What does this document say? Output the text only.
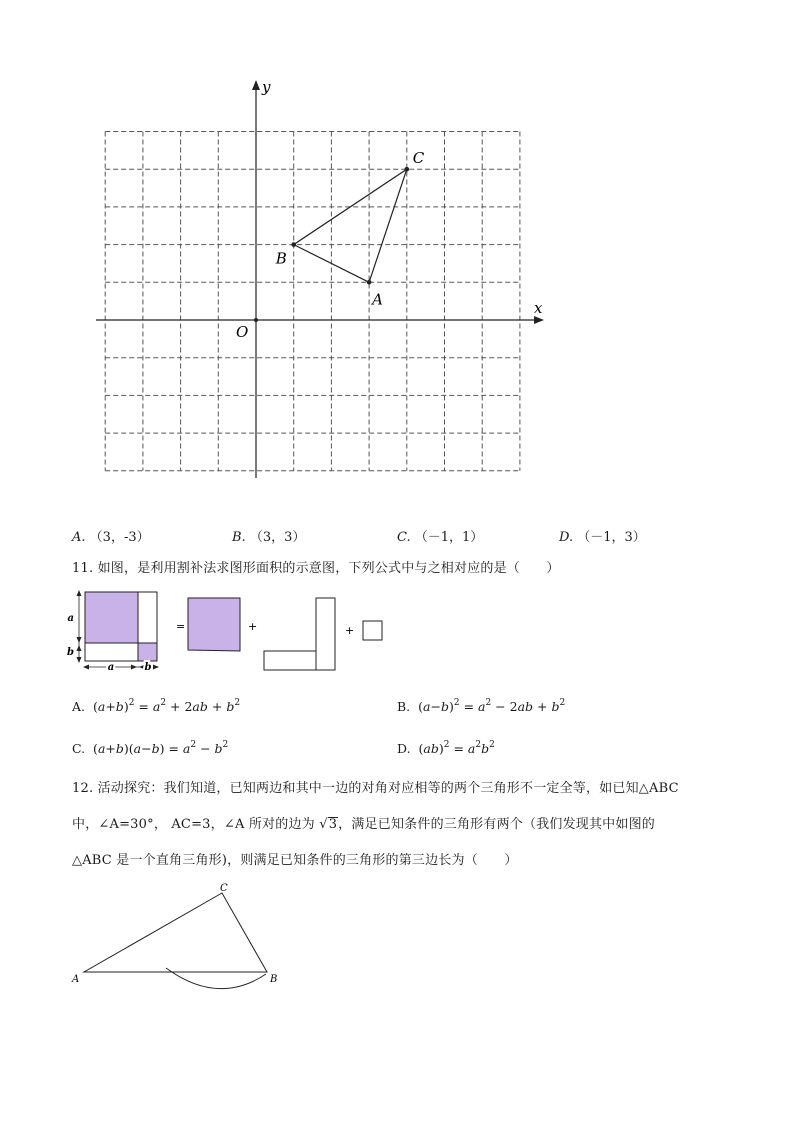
x
y
O
A
B
C
A. （3，-3）	B. （3，3）	C. （－1，1）	D. （－1，3）
11. 如图，是利用割补法求图形面积的示意图，下列公式中与之相对应的是（　　）
a
b
a	b
=	+	+
A. $(a+b)^2 = a^2 + 2ab + b^2$	B. $(a-b)^2 = a^2 - 2ab + b^2$
C. $(a+b)(a-b) = a^2 - b^2$	D. $(ab)^2 = a^2b^2$
12. 活动探究：我们知道，已知两边和其中一边的对角对应相等的两个三角形不一定全等，如已知△ABC
中，∠A=30°， AC=3，∠A 所对的边为 √3，满足已知条件的三角形有两个（我们发现其中如图的
△ABC 是一个直角三角形)，则满足已知条件的三角形的第三边长为（　　）
A	B
C
